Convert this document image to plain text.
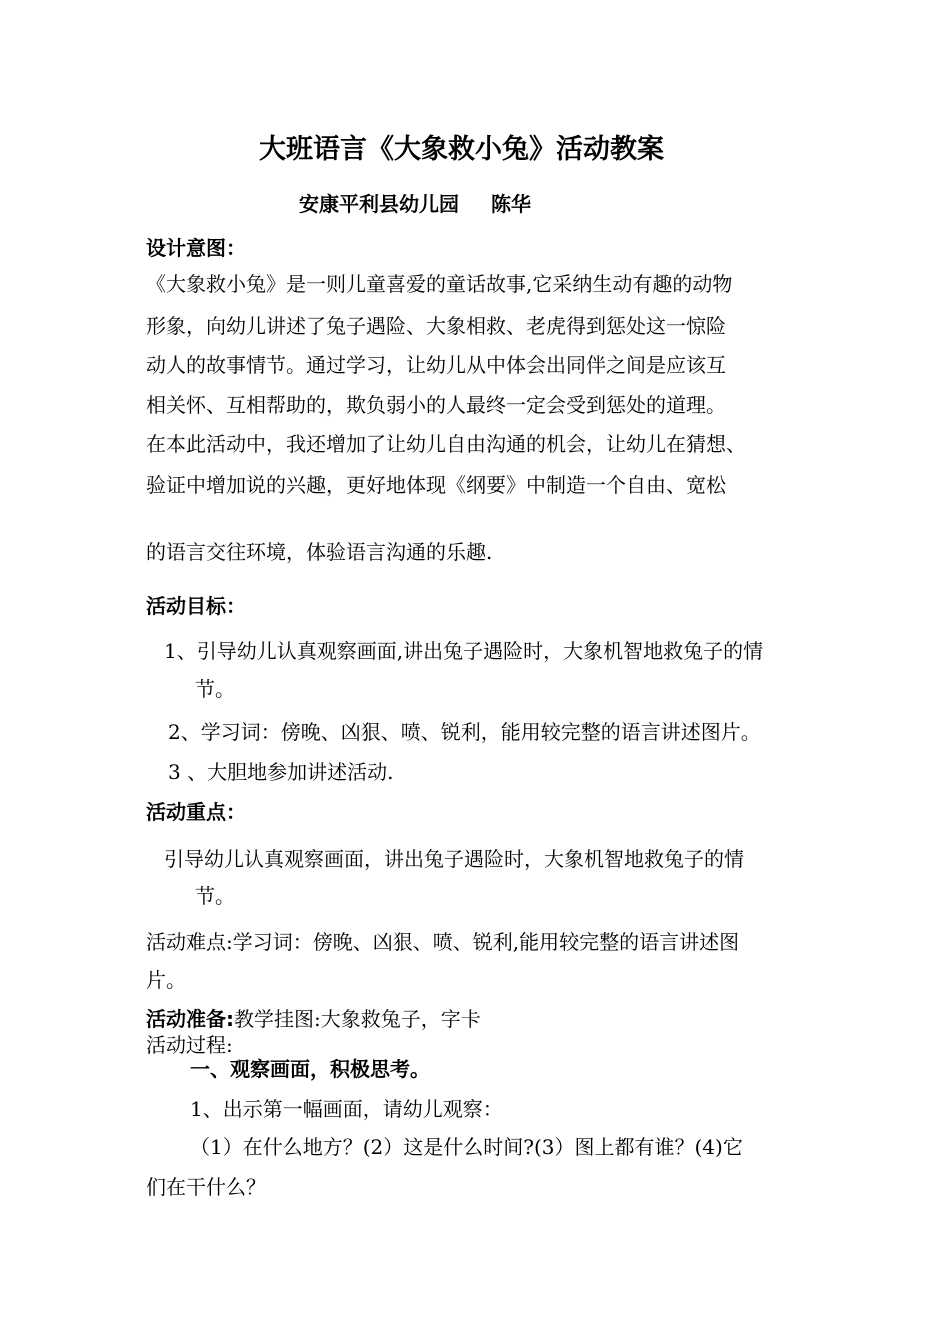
大班语言《大象救小兔》活动教案
安康平利县幼儿园 陈华
设计意图：
《大象救小兔》是一则儿童喜爱的童话故事,它采纳生动有趣的动物
形象，向幼儿讲述了兔子遇险、大象相救、老虎得到惩处这一惊险
动人的故事情节。通过学习，让幼儿从中体会出同伴之间是应该互
相关怀、互相帮助的，欺负弱小的人最终一定会受到惩处的道理。
在本此活动中，我还增加了让幼儿自由沟通的机会，让幼儿在猜想、
验证中增加说的兴趣，更好地体现《纲要》中制造一个自由、宽松
的语言交往环境，体验语言沟通的乐趣.
活动目标：
1、引导幼儿认真观察画面,讲出兔子遇险时，大象机智地救兔子的情
节。
2、学习词：傍晚、凶狠、喷、锐利，能用较完整的语言讲述图片。
3 、大胆地参加讲述活动.
活动重点：
引导幼儿认真观察画面，讲出兔子遇险时，大象机智地救兔子的情
节。
活动难点:学习词：傍晚、凶狠、喷、锐利,能用较完整的语言讲述图
片。
活动准备:教学挂图:大象救兔子，字卡
活动过程:
一、观察画面，积极思考。
1、出示第一幅画面，请幼儿观察：
（1）在什么地方？(2）这是什么时间?(3）图上都有谁？(4)它
们在干什么？
